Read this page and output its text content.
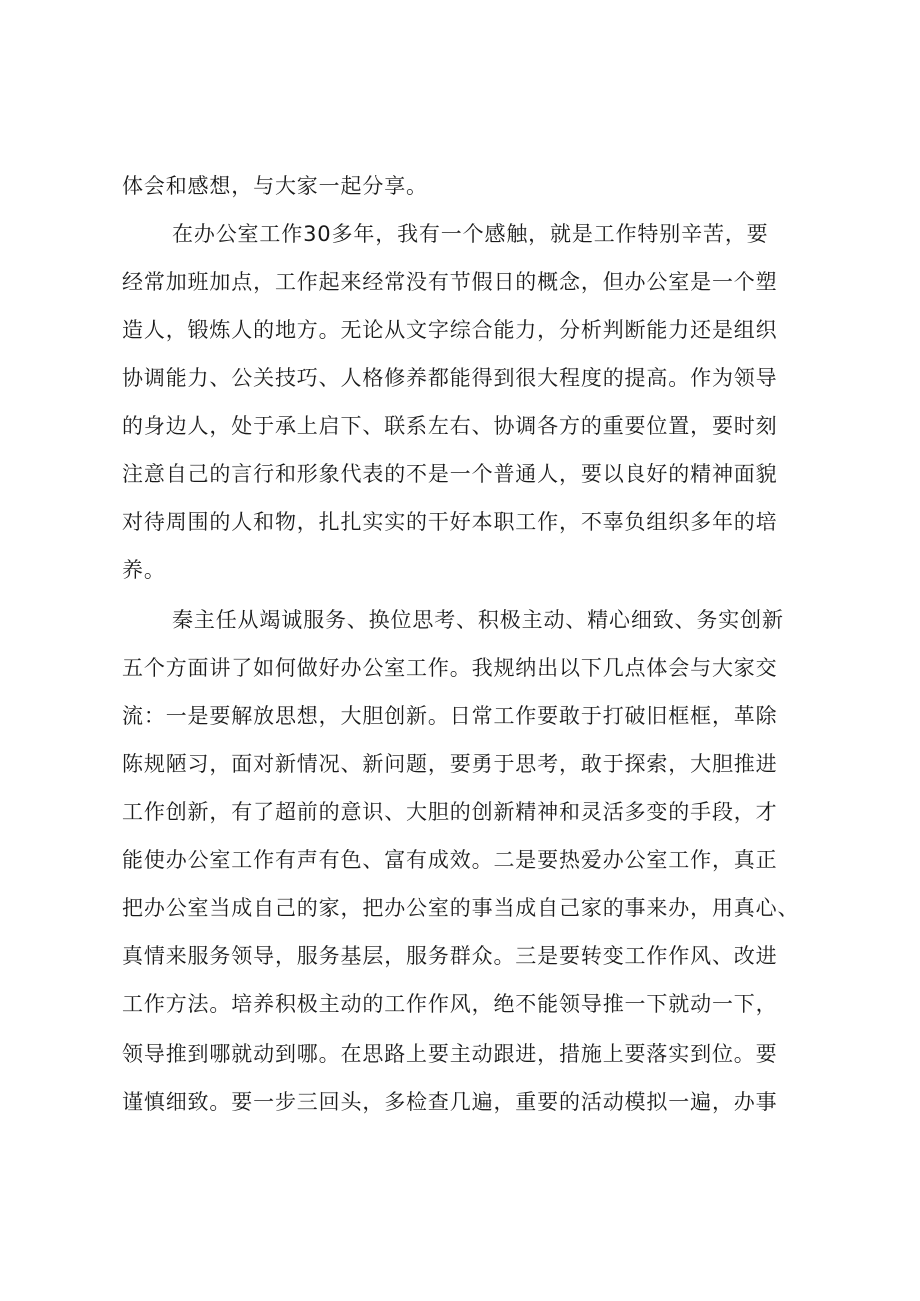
体会和感想，与大家一起分享。

在办公室工作30多年，我有一个感触，就是工作特别辛苦，要

经常加班加点，工作起来经常没有节假日的概念，但办公室是一个塑

造人，锻炼人的地方。无论从文字综合能力，分析判断能力还是组织

协调能力、公关技巧、人格修养都能得到很大程度的提高。作为领导

的身边人，处于承上启下、联系左右、协调各方的重要位置，要时刻

注意自己的言行和形象代表的不是一个普通人，要以良好的精神面貌

对待周围的人和物，扎扎实实的干好本职工作，不辜负组织多年的培

养。

秦主任从竭诚服务、换位思考、积极主动、精心细致、务实创新

五个方面讲了如何做好办公室工作。我规纳出以下几点体会与大家交

流：一是要解放思想，大胆创新。日常工作要敢于打破旧框框，革除

陈规陋习，面对新情况、新问题，要勇于思考，敢于探索，大胆推进

工作创新，有了超前的意识、大胆的创新精神和灵活多变的手段，才

能使办公室工作有声有色、富有成效。二是要热爱办公室工作，真正

把办公室当成自己的家，把办公室的事当成自己家的事来办，用真心、

真情来服务领导，服务基层，服务群众。三是要转变工作作风、改进

工作方法。培养积极主动的工作作风，绝不能领导推一下就动一下，

领导推到哪就动到哪。在思路上要主动跟进，措施上要落实到位。要

谨慎细致。要一步三回头，多检查几遍，重要的活动模拟一遍，办事
